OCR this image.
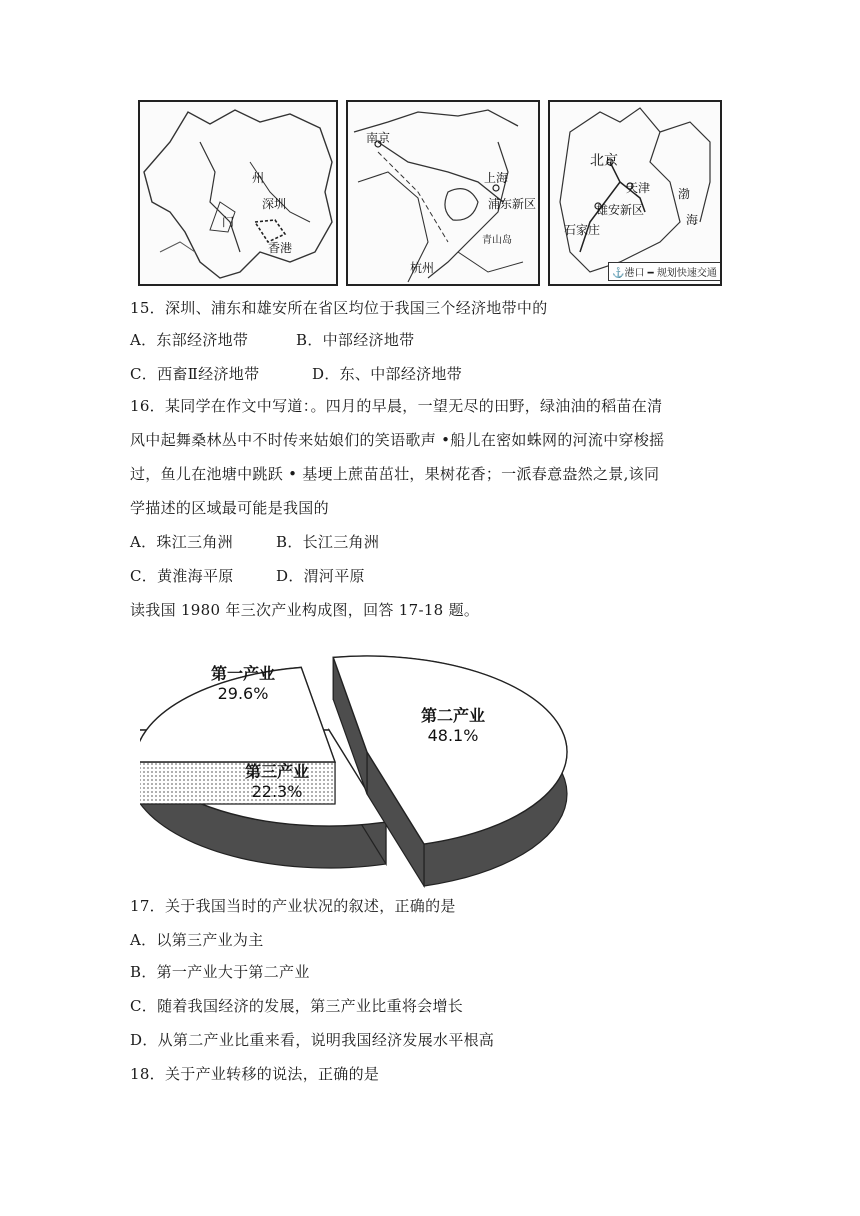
州
门
深圳
香港
南京
上海
浦东新区
青山岛
杭州
北京
天津 渤
海
雄安新区
石家庄
⚓港口 ━ 规划快速交通
15．深圳、浦东和雄安所在省区均位于我国三个经济地带中的
A．东部经济地带	B．中部经济地带
C．西畜Ⅱ经济地带	D．东、中部经济地带
16．某同学在作文中写道：。四月的早晨，一望无尽的田野，绿油油的稻苗在清
风中起舞桑林丛中不时传来姑娘们的笑语歌声 •船儿在密如蛛网的河流中穿梭摇
过，鱼儿在池塘中跳跃 • 基埂上蔗苗茁壮，果树花香；一派春意盎然之景,该同
学描述的区域最可能是我国的
A．珠江三角洲	B．长江三角洲
C．黄淮海平原	D．渭河平原
读我国 1980 年三次产业构成图，回答 17-18 题。
第一产业
29.6%
第二产业
48.1%
第三产业
22.3%
17．关于我国当时的产业状况的叙述，正确的是
A．以第三产业为主
B．第一产业大于第二产业
C．随着我国经济的发展，第三产业比重将会增长
D．从第二产业比重来看，说明我国经济发展水平根高
18．关于产业转移的说法，正确的是
